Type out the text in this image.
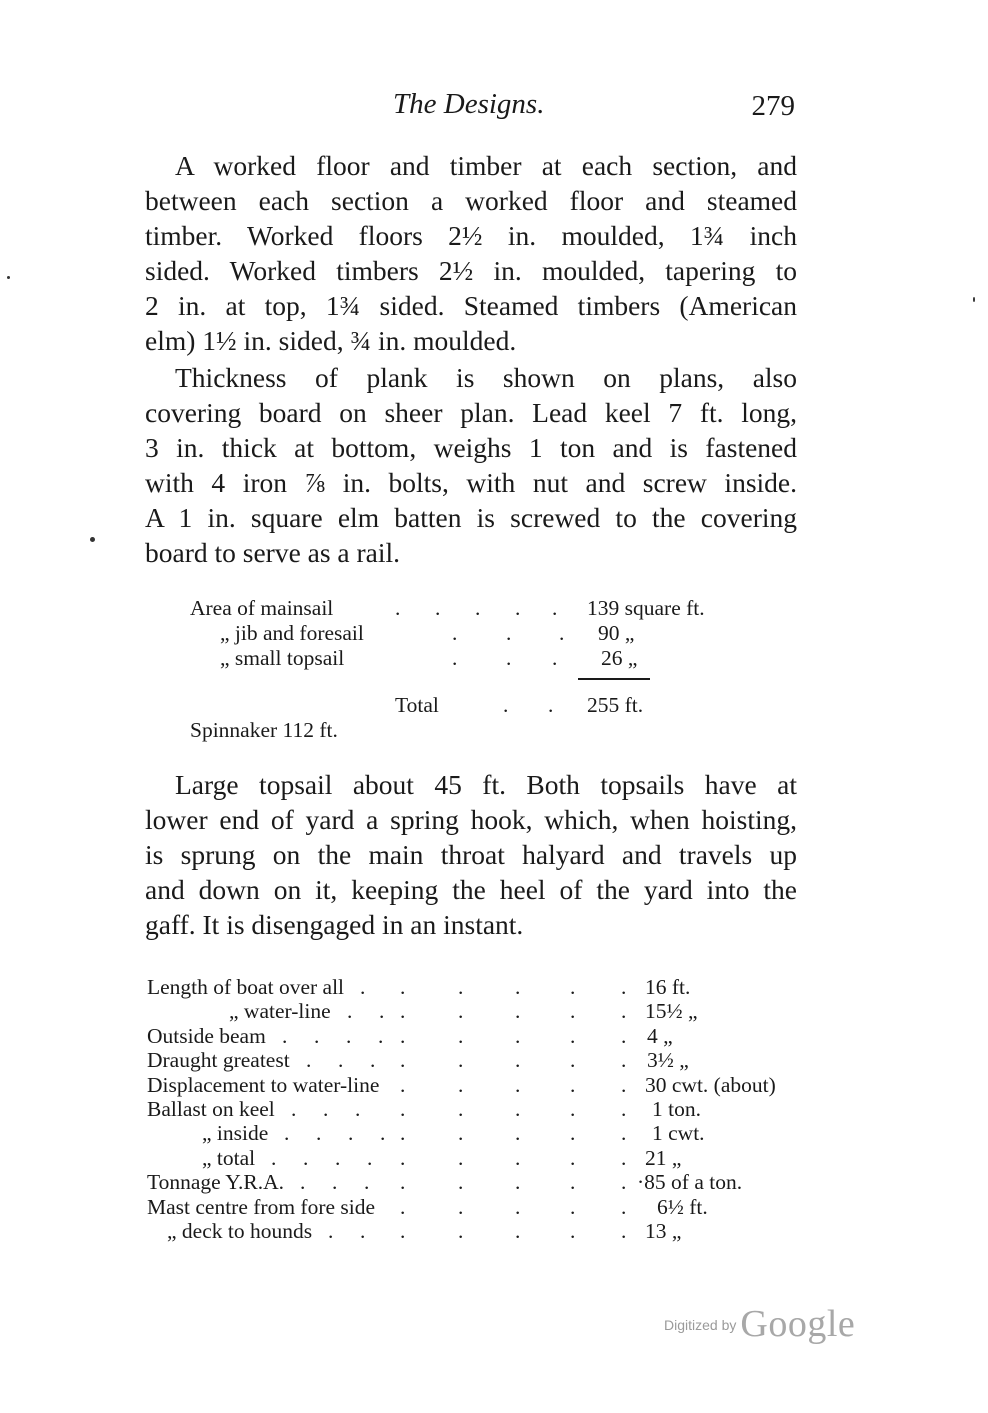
The Designs.	279

A worked floor and timber at each section, and
between each section a worked floor and steamed
timber. Worked floors 2½ in. moulded, 1¾ inch
sided. Worked timbers 2½ in. moulded, tapering to
2 in. at top, 1¾ sided. Steamed timbers (American
elm) 1½ in. sided, ¾ in. moulded.

Thickness of plank is shown on plans, also
covering board on sheer plan. Lead keel 7 ft. long,
3 in. thick at bottom, weighs 1 ton and is fastened
with 4 iron ⅞ in. bolts, with nut and screw inside.
A 1 in. square elm batten is screwed to the covering
board to serve as a rail.

Area of mainsail	. . . . . 139 square ft.
„ jib and foresail	. . . 90 „
„ small topsail	. . . 26 „
Total	. . 255 ft.
Spinnaker 112 ft.

Large topsail about 45 ft. Both topsails have at
lower end of yard a spring hook, which, when hoisting,
is sprung on the main throat halyard and travels up
and down on it, keeping the heel of the yard into the
gaff. It is disengaged in an instant.

Length of boat over all	16 ft.
. . . . . .
„ water-line	15½ „
. . . . . . .
Outside beam	4 „
. . . . . . . . .
Draught greatest	3½ „
. . . . . . . .
Displacement to water-line	30 cwt. (about)
. . . . .
Ballast on keel	1 ton.
. . . . . . . .
„ inside	1 cwt.
. . . . . . . . .
„ total	21 „
. . . . . . . . .
Tonnage Y.R.A.	·85 of a ton.
. . . . . . . .
Mast centre from fore side	6½ ft.
. . . . .
„ deck to hounds	13 „
. . . . . . .
Digitized by Google
